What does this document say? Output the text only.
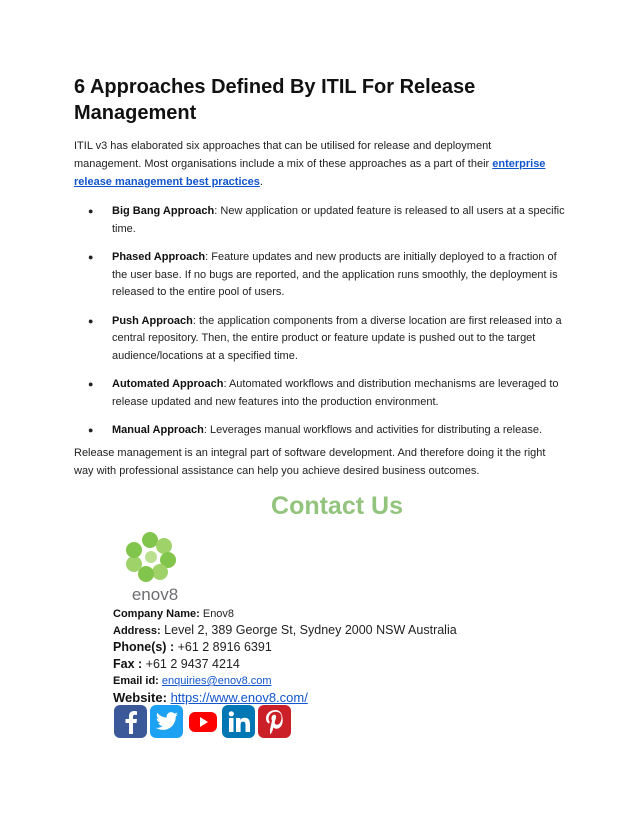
6 Approaches Defined By ITIL For Release Management

ITIL v3 has elaborated six approaches that can be utilised for release and deployment management. Most organisations include a mix of these approaches as a part of their enterprise release management best practices.

● Big Bang Approach: New application or updated feature is released to all users at a specific time.
● Phased Approach: Feature updates and new products are initially deployed to a fraction of the user base. If no bugs are reported, and the application runs smoothly, the deployment is released to the entire pool of users.
● Push Approach: the application components from a diverse location are first released into a central repository. Then, the entire product or feature update is pushed out to the target audience/locations at a specified time.
● Automated Approach: Automated workflows and distribution mechanisms are leveraged to release updated and new features into the production environment.
● Manual Approach: Leverages manual workflows and activities for distributing a release.

Release management is an integral part of software development. And therefore doing it the right way with professional assistance can help you achieve desired business outcomes.

Contact Us
enov8
Company Name: Enov8
Address: Level 2, 389 George St, Sydney 2000 NSW Australia
Phone(s) : +61 2 8916 6391
Fax : +61 2 9437 4214
Email id: enquiries@enov8.com
Website: https://www.enov8.com/
